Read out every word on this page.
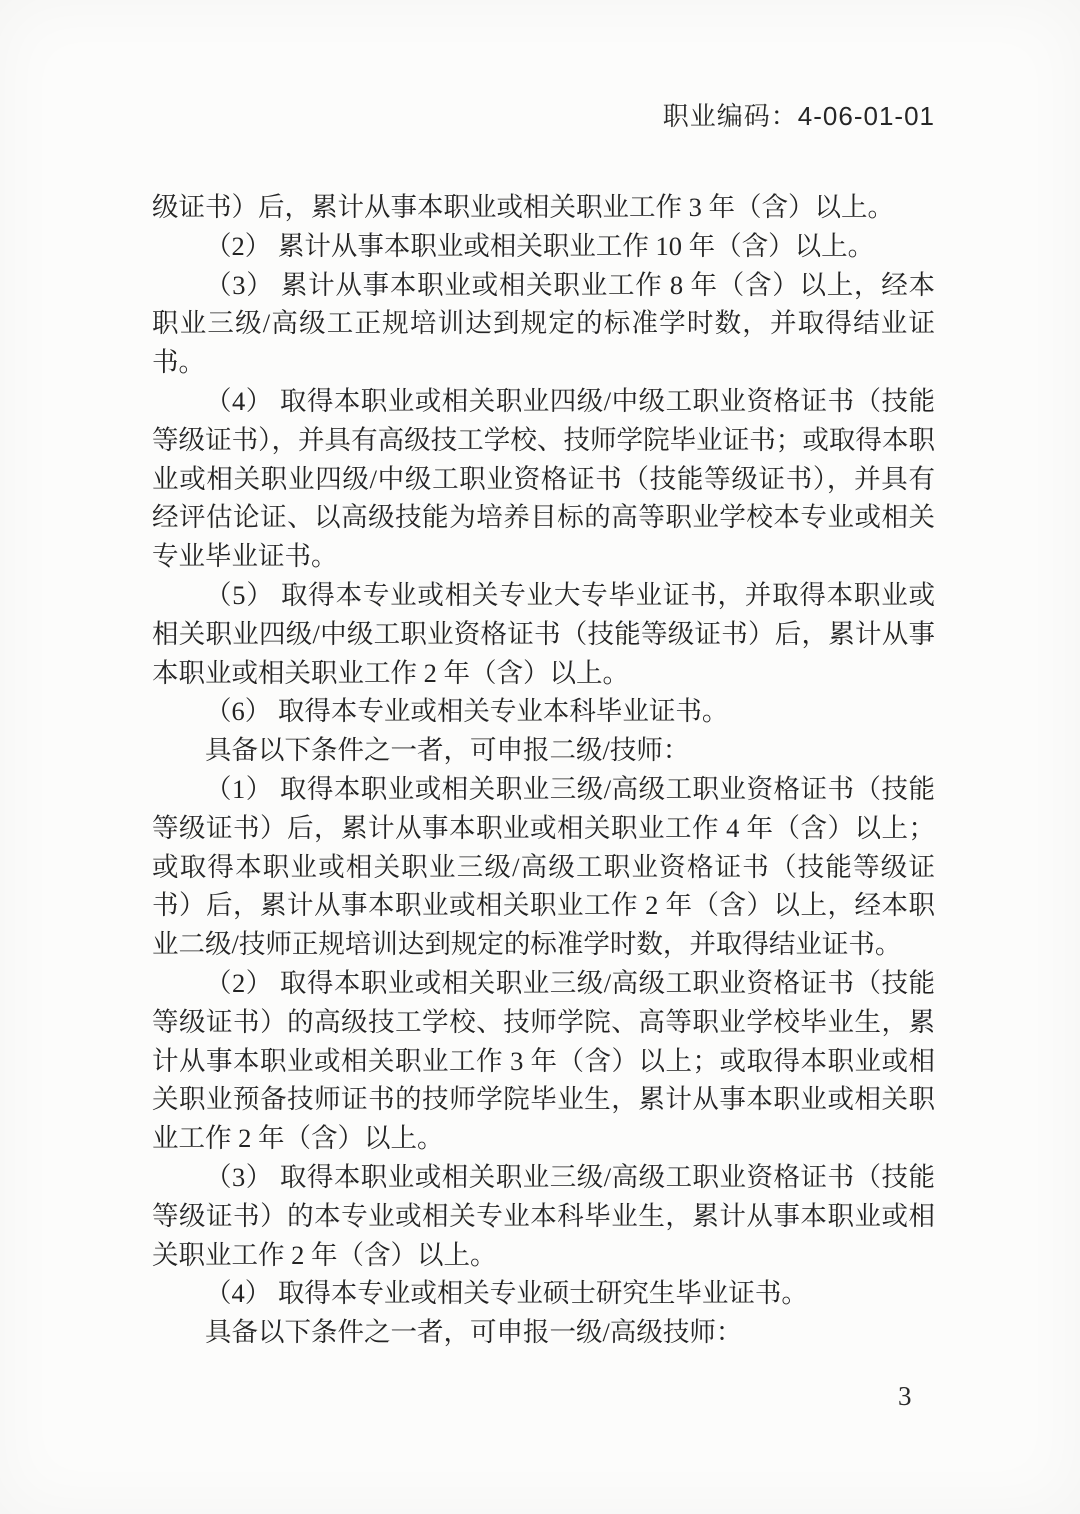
职业编码：4-06-01-01

级证书）后，累计从事本职业或相关职业工作 3 年（含）以上。

（2） 累计从事本职业或相关职业工作 10 年（含）以上。

（3） 累计从事本职业或相关职业工作 8 年（含）以上，经本职业三级/高级工正规培训达到规定的标准学时数，并取得结业证书。

（4） 取得本职业或相关职业四级/中级工职业资格证书（技能等级证书），并具有高级技工学校、技师学院毕业证书；或取得本职业或相关职业四级/中级工职业资格证书（技能等级证书），并具有经评估论证、以高级技能为培养目标的高等职业学校本专业或相关专业毕业证书。

（5） 取得本专业或相关专业大专毕业证书，并取得本职业或相关职业四级/中级工职业资格证书（技能等级证书）后，累计从事本职业或相关职业工作 2 年（含）以上。

（6） 取得本专业或相关专业本科毕业证书。

具备以下条件之一者，可申报二级/技师：

（1） 取得本职业或相关职业三级/高级工职业资格证书（技能等级证书）后，累计从事本职业或相关职业工作 4 年（含）以上；或取得本职业或相关职业三级/高级工职业资格证书（技能等级证书）后，累计从事本职业或相关职业工作 2 年（含）以上，经本职业二级/技师正规培训达到规定的标准学时数，并取得结业证书。

（2） 取得本职业或相关职业三级/高级工职业资格证书（技能等级证书）的高级技工学校、技师学院、高等职业学校毕业生，累计从事本职业或相关职业工作 3 年（含）以上；或取得本职业或相关职业预备技师证书的技师学院毕业生，累计从事本职业或相关职业工作 2 年（含）以上。

（3） 取得本职业或相关职业三级/高级工职业资格证书（技能等级证书）的本专业或相关专业本科毕业生，累计从事本职业或相关职业工作 2 年（含）以上。

（4） 取得本专业或相关专业硕士研究生毕业证书。

具备以下条件之一者，可申报一级/高级技师：

3
